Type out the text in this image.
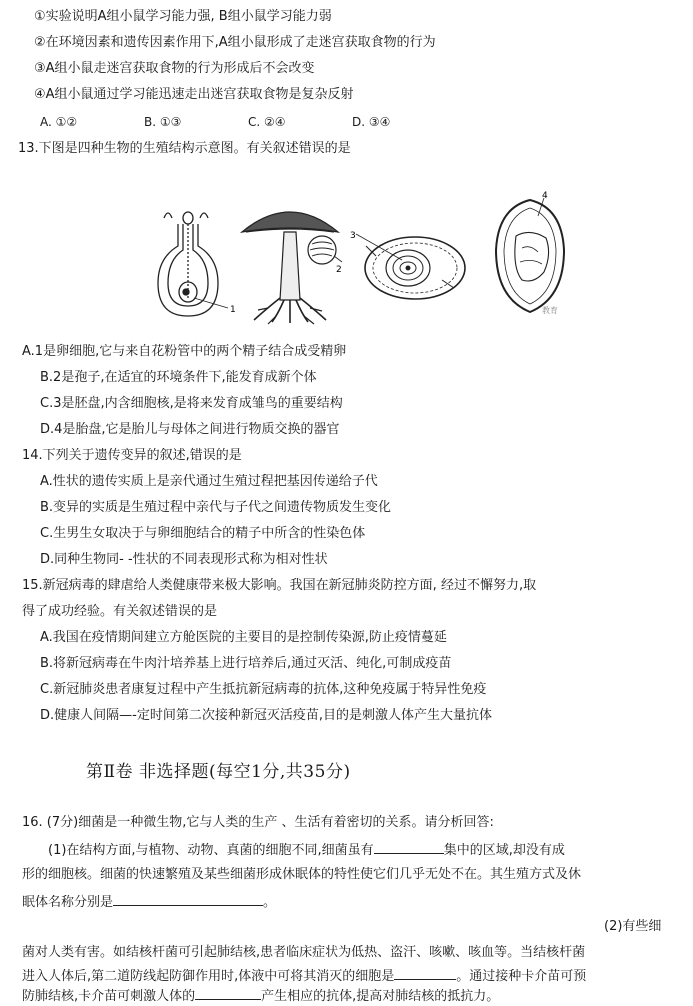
①实验说明A组小鼠学习能力强, B组小鼠学习能力弱
②在环境因素和遗传因素作用下,A组小鼠形成了走迷宫获取食物的行为
③A组小鼠走迷宫获取食物的行为形成后不会改变
④A组小鼠通过学习能迅速走出迷宫获取食物是复杂反射
A. ①②	B. ①③	C. ②④	D. ③④
13.下图是四种生物的生殖结构示意图。有关叙述错误的是
1
2
3
4
教育
A.1是卵细胞,它与来自花粉管中的两个精子结合成受精卵
B.2是孢子,在适宜的环境条件下,能发育成新个体
C.3是胚盘,内含细胞核,是将来发育成雏鸟的重要结构
D.4是胎盘,它是胎儿与母体之间进行物质交换的器官
14.下列关于遗传变异的叙述,错误的是
A.性状的遗传实质上是亲代通过生殖过程把基因传递给子代
B.变异的实质是生殖过程中亲代与子代之间遗传物质发生变化
C.生男生女取决于与卵细胞结合的精子中所含的性染色体
D.同种生物同- -性状的不同表现形式称为相对性状
15.新冠病毒的肆虐给人类健康带来极大影响。我国在新冠肺炎防控方面, 经过不懈努力,取
得了成功经验。有关叙述错误的是
A.我国在疫情期间建立方舱医院的主要目的是控制传染源,防止疫情蔓延
B.将新冠病毒在牛肉汁培养基上进行培养后,通过灭活、纯化,可制成疫苗
C.新冠肺炎患者康复过程中产生抵抗新冠病毒的抗体,这种免疫属于特异性免疫
D.健康人间隔—-定时间第二次接种新冠灭活疫苗,目的是刺激人体产生大量抗体
第Ⅱ卷 非选择题(每空1分,共35分)
16. (7分)细菌是一种微生物,它与人类的生产 、生活有着密切的关系。请分析回答:
(1)在结构方面,与植物、动物、真菌的细胞不同,细菌虽有	集中的区域,却没有成
形的细胞核。细菌的快速繁殖及某些细菌形成休眠体的特性使它们几乎无处不在。其生殖方式及休
眠体名称分别是	。
(2)有些细
菌对人类有害。如结核杆菌可引起肺结核,患者临床症状为低热、盗汗、咳嗽、咳血等。当结核杆菌
进入人体后,第二道防线起防御作用时,体液中可将其消灭的细胞是	。通过接种卡介苗可预
防肺结核,卡介苗可刺激人体的	产生相应的抗体,提高对肺结核的抵抗力。
